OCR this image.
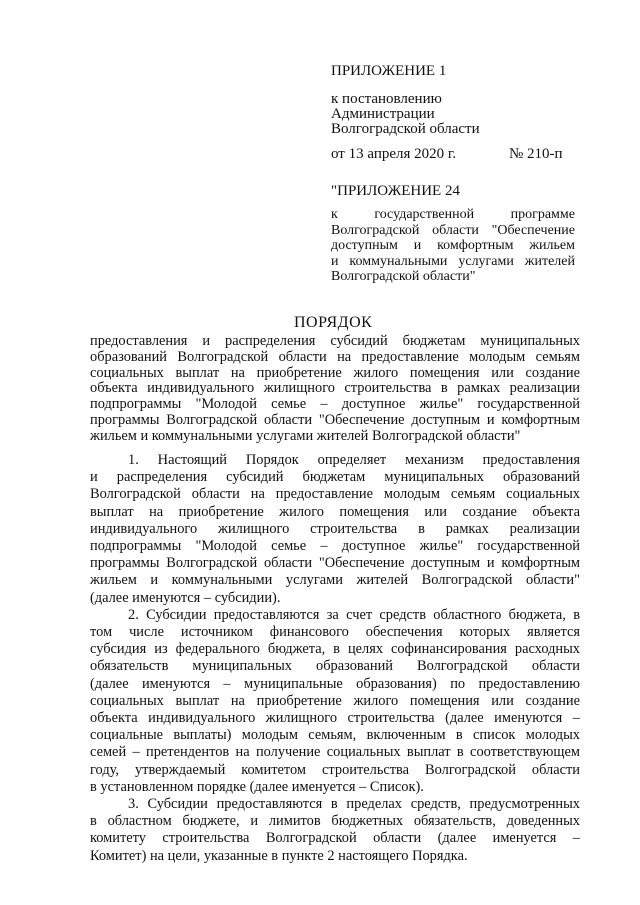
ПРИЛОЖЕНИЕ 1
к постановлению
Администрации
Волгоградской области
от 13 апреля 2020 г.	№ 210-п
"ПРИЛОЖЕНИЕ 24
к государственной программе
Волгоградской области "Обеспечение
доступным и комфортным жильем
и коммунальными услугами жителей
Волгоградской области"
ПОРЯДОК
предоставления и распределения субсидий бюджетам муниципальных
образований Волгоградской области на предоставление молодым семьям
социальных выплат на приобретение жилого помещения или создание
объекта индивидуального жилищного строительства в рамках реализации
подпрограммы "Молодой семье – доступное жилье" государственной
программы Волгоградской области "Обеспечение доступным и комфортным
жильем и коммунальными услугами жителей Волгоградской области"
1. Настоящий Порядок определяет механизм предоставления
и распределения субсидий бюджетам муниципальных образований
Волгоградской области на предоставление молодым семьям социальных
выплат на приобретение жилого помещения или создание объекта
индивидуального жилищного строительства в рамках реализации
подпрограммы "Молодой семье – доступное жилье" государственной
программы Волгоградской области "Обеспечение доступным и комфортным
жильем и коммунальными услугами жителей Волгоградской области"
(далее именуются – субсидии).
2. Субсидии предоставляются за счет средств областного бюджета, в
том числе источником финансового обеспечения которых является
субсидия из федерального бюджета, в целях софинансирования расходных
обязательств муниципальных образований Волгоградской области
(далее именуются – муниципальные образования) по предоставлению
социальных выплат на приобретение жилого помещения или создание
объекта индивидуального жилищного строительства (далее именуются –
социальные выплаты) молодым семьям, включенным в список молодых
семей – претендентов на получение социальных выплат в соответствующем
году, утверждаемый комитетом строительства Волгоградской области
в установленном порядке (далее именуется – Список).
3. Субсидии предоставляются в пределах средств, предусмотренных
в областном бюджете, и лимитов бюджетных обязательств, доведенных
комитету строительства Волгоградской области (далее именуется –
Комитет) на цели, указанные в пункте 2 настоящего Порядка.
